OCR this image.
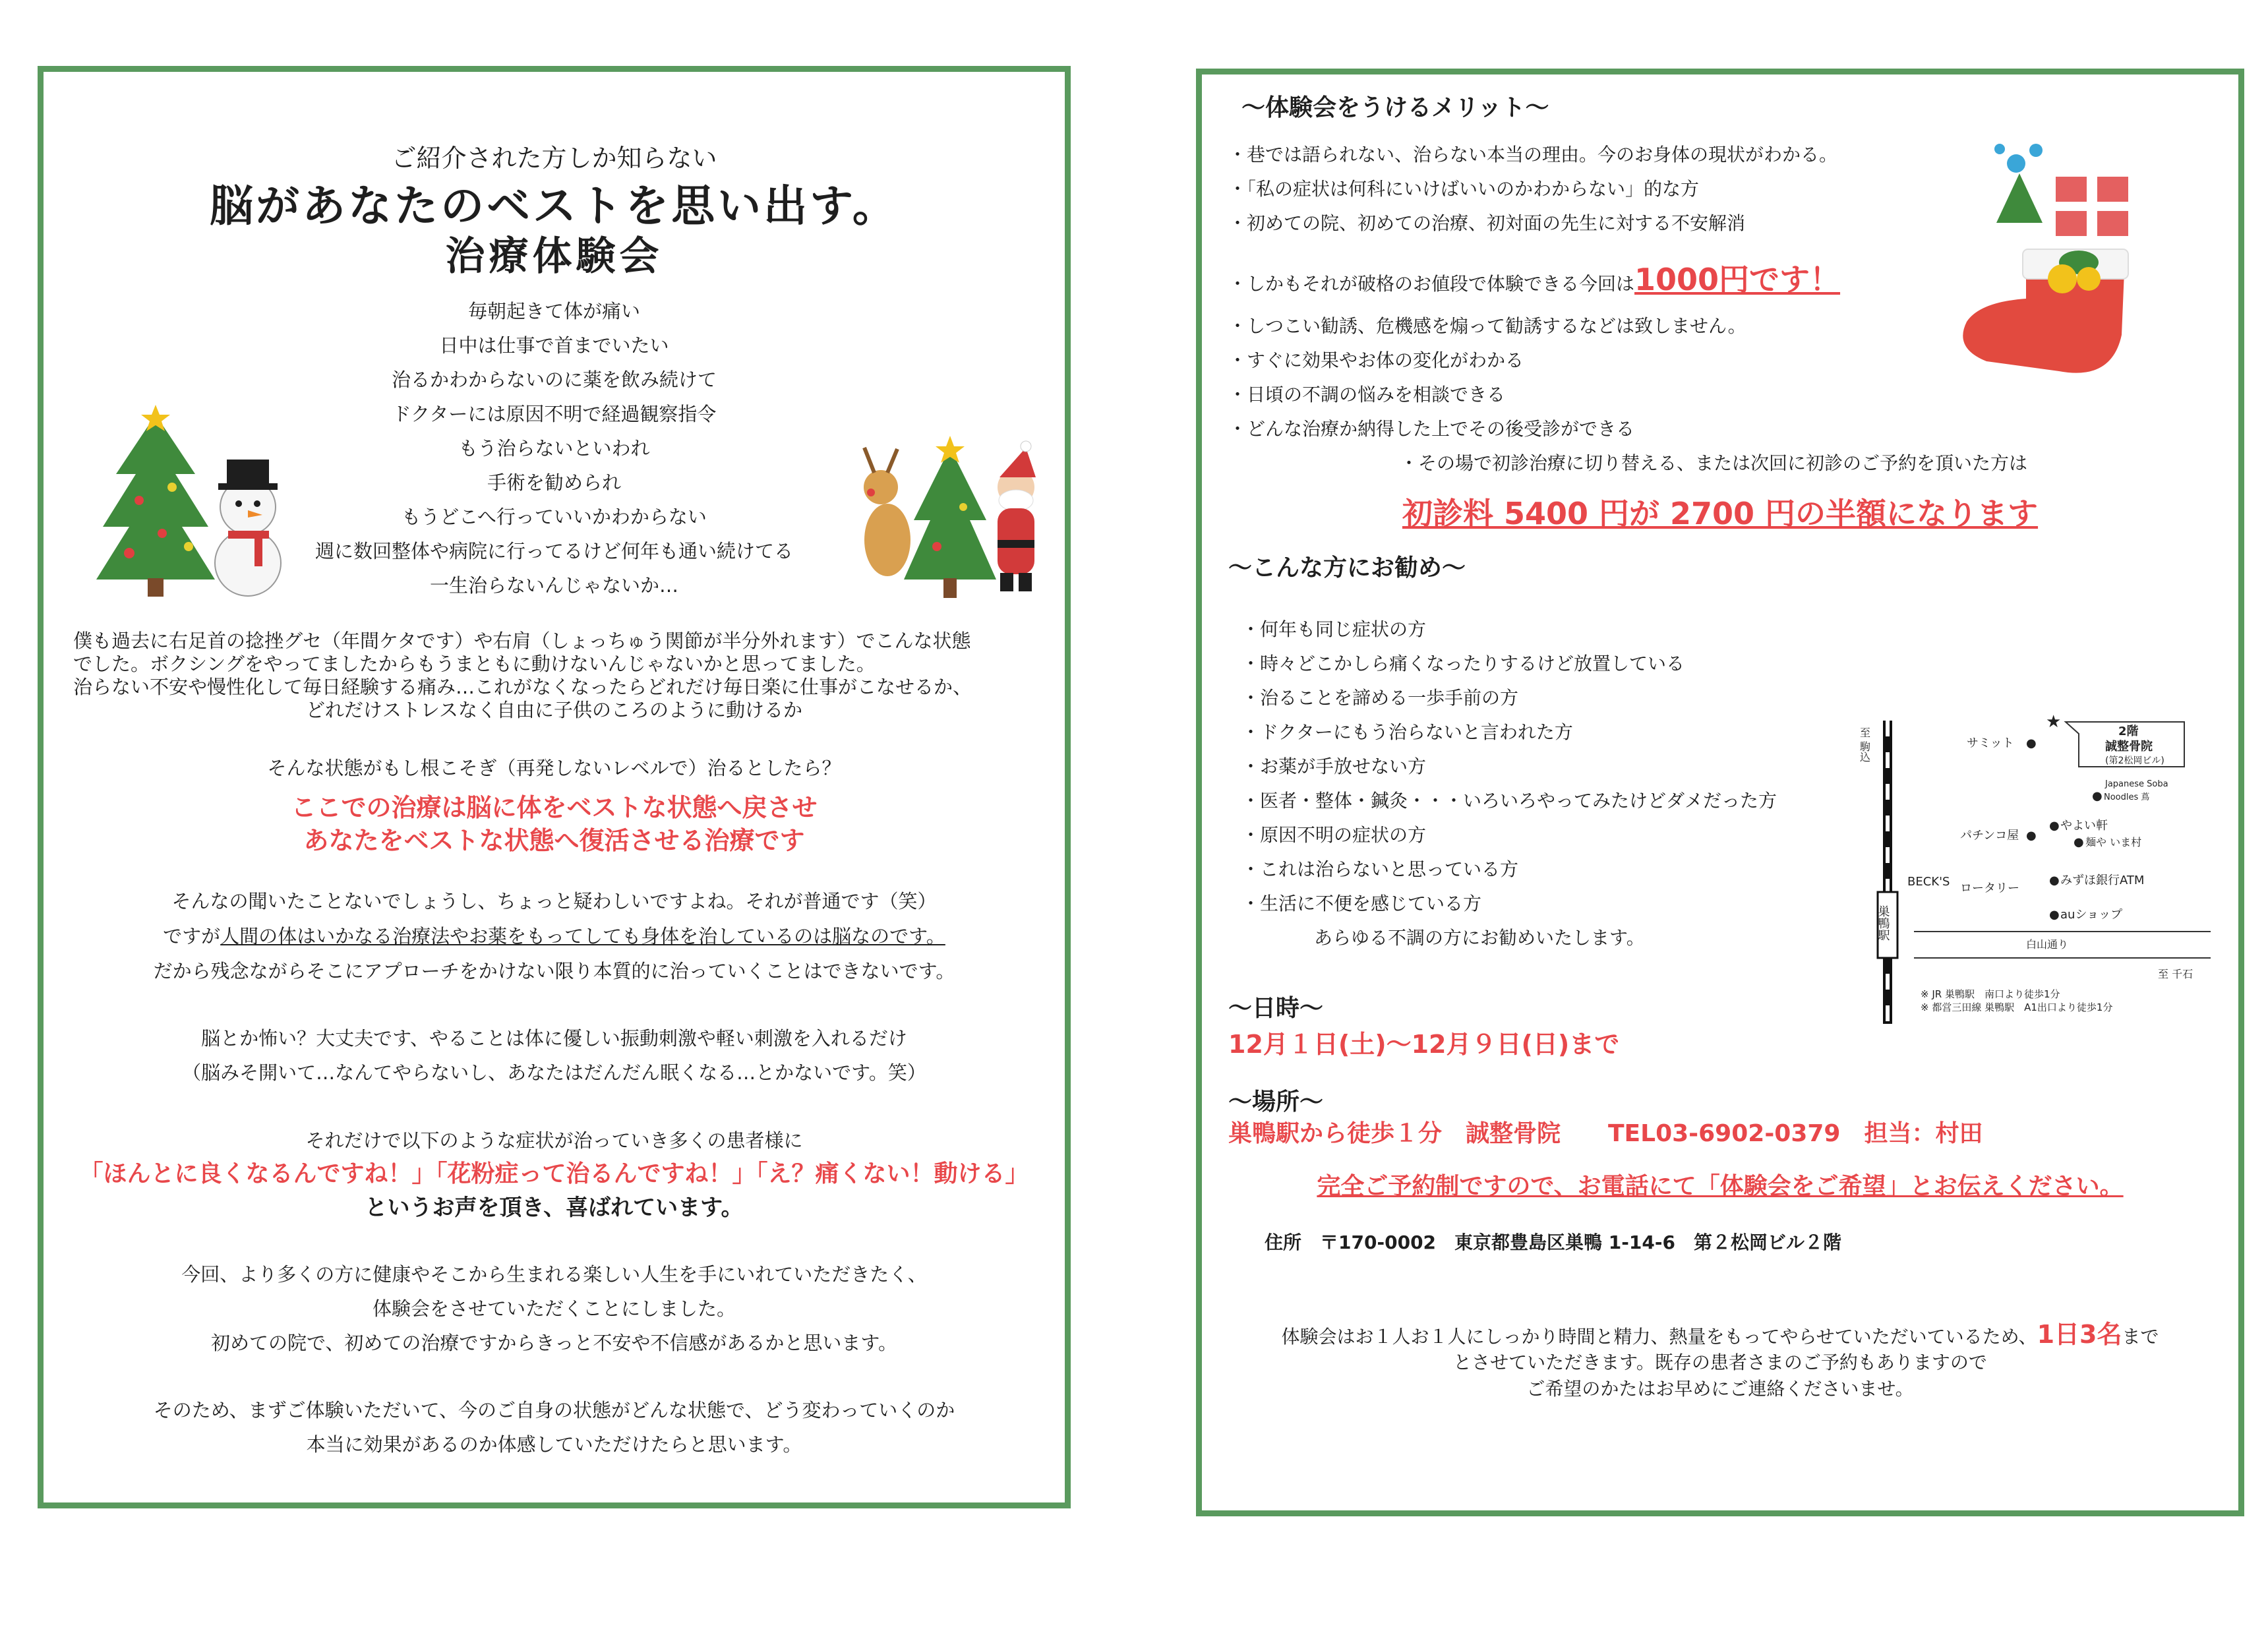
ご紹介された方しか知らない
脳があなたのベストを思い出す。
治療体験会
毎朝起きて体が痛い
日中は仕事で首までいたい
治るかわからないのに薬を飲み続けて
ドクターには原因不明で経過観察指令
もう治らないといわれ
手術を勧められ
もうどこへ行っていいかわからない
週に数回整体や病院に行ってるけど何年も通い続けてる
一生治らないんじゃないか…
僕も過去に右足首の捻挫グセ（年間ケタです）や右肩（しょっちゅう関節が半分外れます）でこんな状態
でした。ボクシングをやってましたからもうまともに動けないんじゃないかと思ってました。
治らない不安や慢性化して毎日経験する痛み…これがなくなったらどれだけ毎日楽に仕事がこなせるか、
どれだけストレスなく自由に子供のころのように動けるか
そんな状態がもし根こそぎ（再発しないレベルで）治るとしたら？
ここでの治療は脳に体をベストな状態へ戻させ
あなたをベストな状態へ復活させる治療です
そんなの聞いたことないでしょうし、ちょっと疑わしいですよね。それが普通です（笑）
ですが人間の体はいかなる治療法やお薬をもってしても身体を治しているのは脳なのです。
だから残念ながらそこにアプローチをかけない限り本質的に治っていくことはできないです。
脳とか怖い？大丈夫です、やることは体に優しい振動刺激や軽い刺激を入れるだけ
（脳みそ開いて…なんてやらないし、あなたはだんだん眠くなる…とかないです。笑）
それだけで以下のような症状が治っていき多くの患者様に
「ほんとに良くなるんですね！」「花粉症って治るんですね！」「え？痛くない！動ける」
というお声を頂き、喜ばれています。
今回、より多くの方に健康やそこから生まれる楽しい人生を手にいれていただきたく、
体験会をさせていただくことにしました。
初めての院で、初めての治療ですからきっと不安や不信感があるかと思います。
そのため、まずご体験いただいて、今のご自身の状態がどんな状態で、どう変わっていくのか
本当に効果があるのか体感していただけたらと思います。
～体験会をうけるメリット～
・巷では語られない、治らない本当の理由。今のお身体の現状がわかる。
・「私の症状は何科にいけばいいのかわからない」的な方
・初めての院、初めての治療、初対面の先生に対する不安解消
・しかもそれが破格のお値段で体験できる今回は1000円です！
・しつこい勧誘、危機感を煽って勧誘するなどは致しません。
・すぐに効果やお体の変化がわかる
・日頃の不調の悩みを相談できる
・どんな治療か納得した上でその後受診ができる
・その場で初診治療に切り替える、または次回に初診のご予約を頂いた方は
初診料 5400 円が 2700 円の半額になります
～こんな方にお勧め～
・何年も同じ症状の方
・時々どこかしら痛くなったりするけど放置している
・治ることを諦める一歩手前の方
・ドクターにもう治らないと言われた方
・お薬が手放せない方
・医者・整体・鍼灸・・・いろいろやってみたけどダメだった方
・原因不明の症状の方
・これは治らないと思っている方
・生活に不便を感じている方
あらゆる不調の方にお勧めいたします。	巣鴨駅
至 駒込
★	2階
誠整骨院
(第2松岡ビル)
サミット ●
Japanese Soba
● Noodles 蔦
パチンコ屋 ●
● やよい軒
● 麺や いま村
BECK'S ロータリー
● みずほ銀行ATM
● auショップ
白山通り
至 千石
※ JR 巣鴨駅　南口より徒歩1分
※ 都営三田線 巣鴨駅　A1出口より徒歩1分
～日時～
12月１日(土)～12月９日(日)まで
～場所～
巣鴨駅から徒歩１分　誠整骨院　　TEL03-6902-0379　担当：村田
完全ご予約制ですので、お電話にて「体験会をご希望」とお伝えください。
住所　 〒170-0002　東京都豊島区巣鴨 1-14-6　第２松岡ビル２階
体験会はお１人お１人にしっかり時間と精力、熱量をもってやらせていただいているため、1日3名まで
とさせていただきます。既存の患者さまのご予約もありますので
ご希望のかたはお早めにご連絡くださいませ。
